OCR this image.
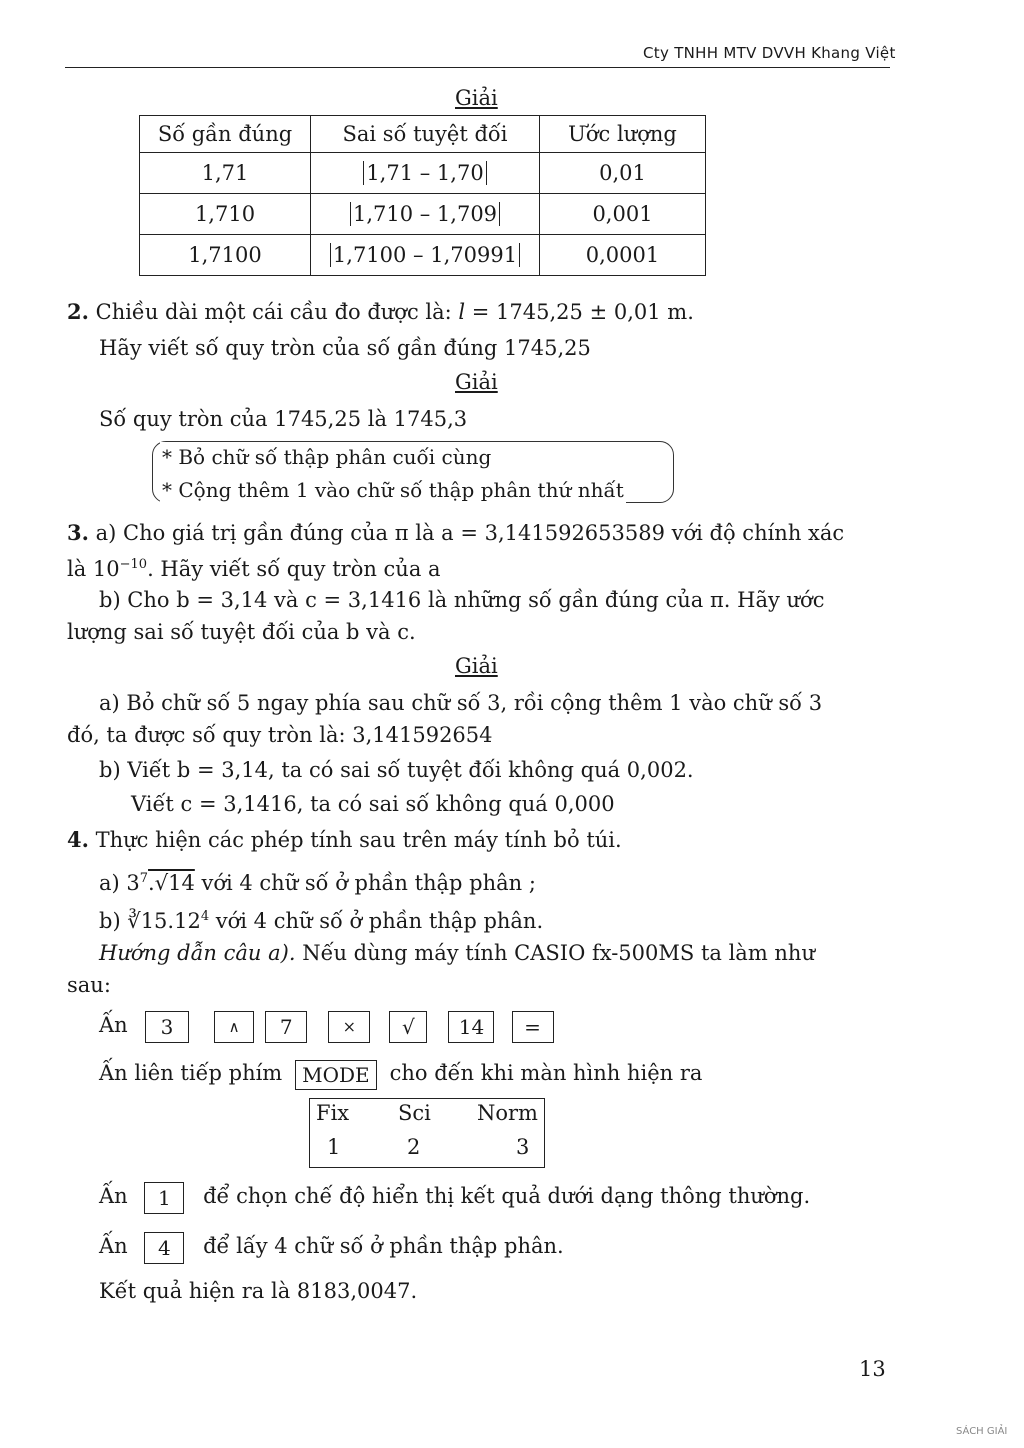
Cty TNHH MTV DVVH Khang Việt
Giải
Số gần đúng	Sai số tuyệt đối	Ước lượng
1,71	1,71 – 1,70	0,01
1,710	1,710 – 1,709	0,001
1,7100	1,7100 – 1,70991	0,0001
2. Chiều dài một cái cầu đo được là: l = 1745,25 ± 0,01 m.
Hãy viết số quy tròn của số gần đúng 1745,25
Giải
Số quy tròn của 1745,25 là 1745,3
* Bỏ chữ số thập phân cuối cùng
* Cộng thêm 1 vào chữ số thập phân thứ nhất
3. a) Cho giá trị gần đúng của π là a = 3,141592653589 với độ chính xác
là $10^{-10}$. Hãy viết số quy tròn của a
b) Cho b = 3,14 và c = 3,1416 là những số gần đúng của π. Hãy ước
lượng sai số tuyệt đối của b và c.
Giải
a) Bỏ chữ số 5 ngay phía sau chữ số 3, rồi cộng thêm 1 vào chữ số 3
đó, ta được số quy tròn là: 3,141592654
b) Viết b = 3,14, ta có sai số tuyệt đối không quá 0,002.
Viết c = 3,1416, ta có sai số không quá 0,000
4. Thực hiện các phép tính sau trên máy tính bỏ túi.
a) $3^7.√14$ với 4 chữ số ở phần thập phân ;
b) ∛15.12$^4$ với 4 chữ số ở phần thập phân.
Hướng dẫn câu a). Nếu dùng máy tính CASIO fx-500MS ta làm như
sau:
Ấn	3	∧ 7	× √ 14 =
Ấn liên tiếp phím MODE cho đến khi màn hình hiện ra
Fix Sci Norm
1	2	3
Ấn 1 để chọn chế độ hiển thị kết quả dưới dạng thông thường.
Ấn 4 để lấy 4 chữ số ở phần thập phân.
Kết quả hiện ra là 8183,0047.
13
SÁCH GIẢI
